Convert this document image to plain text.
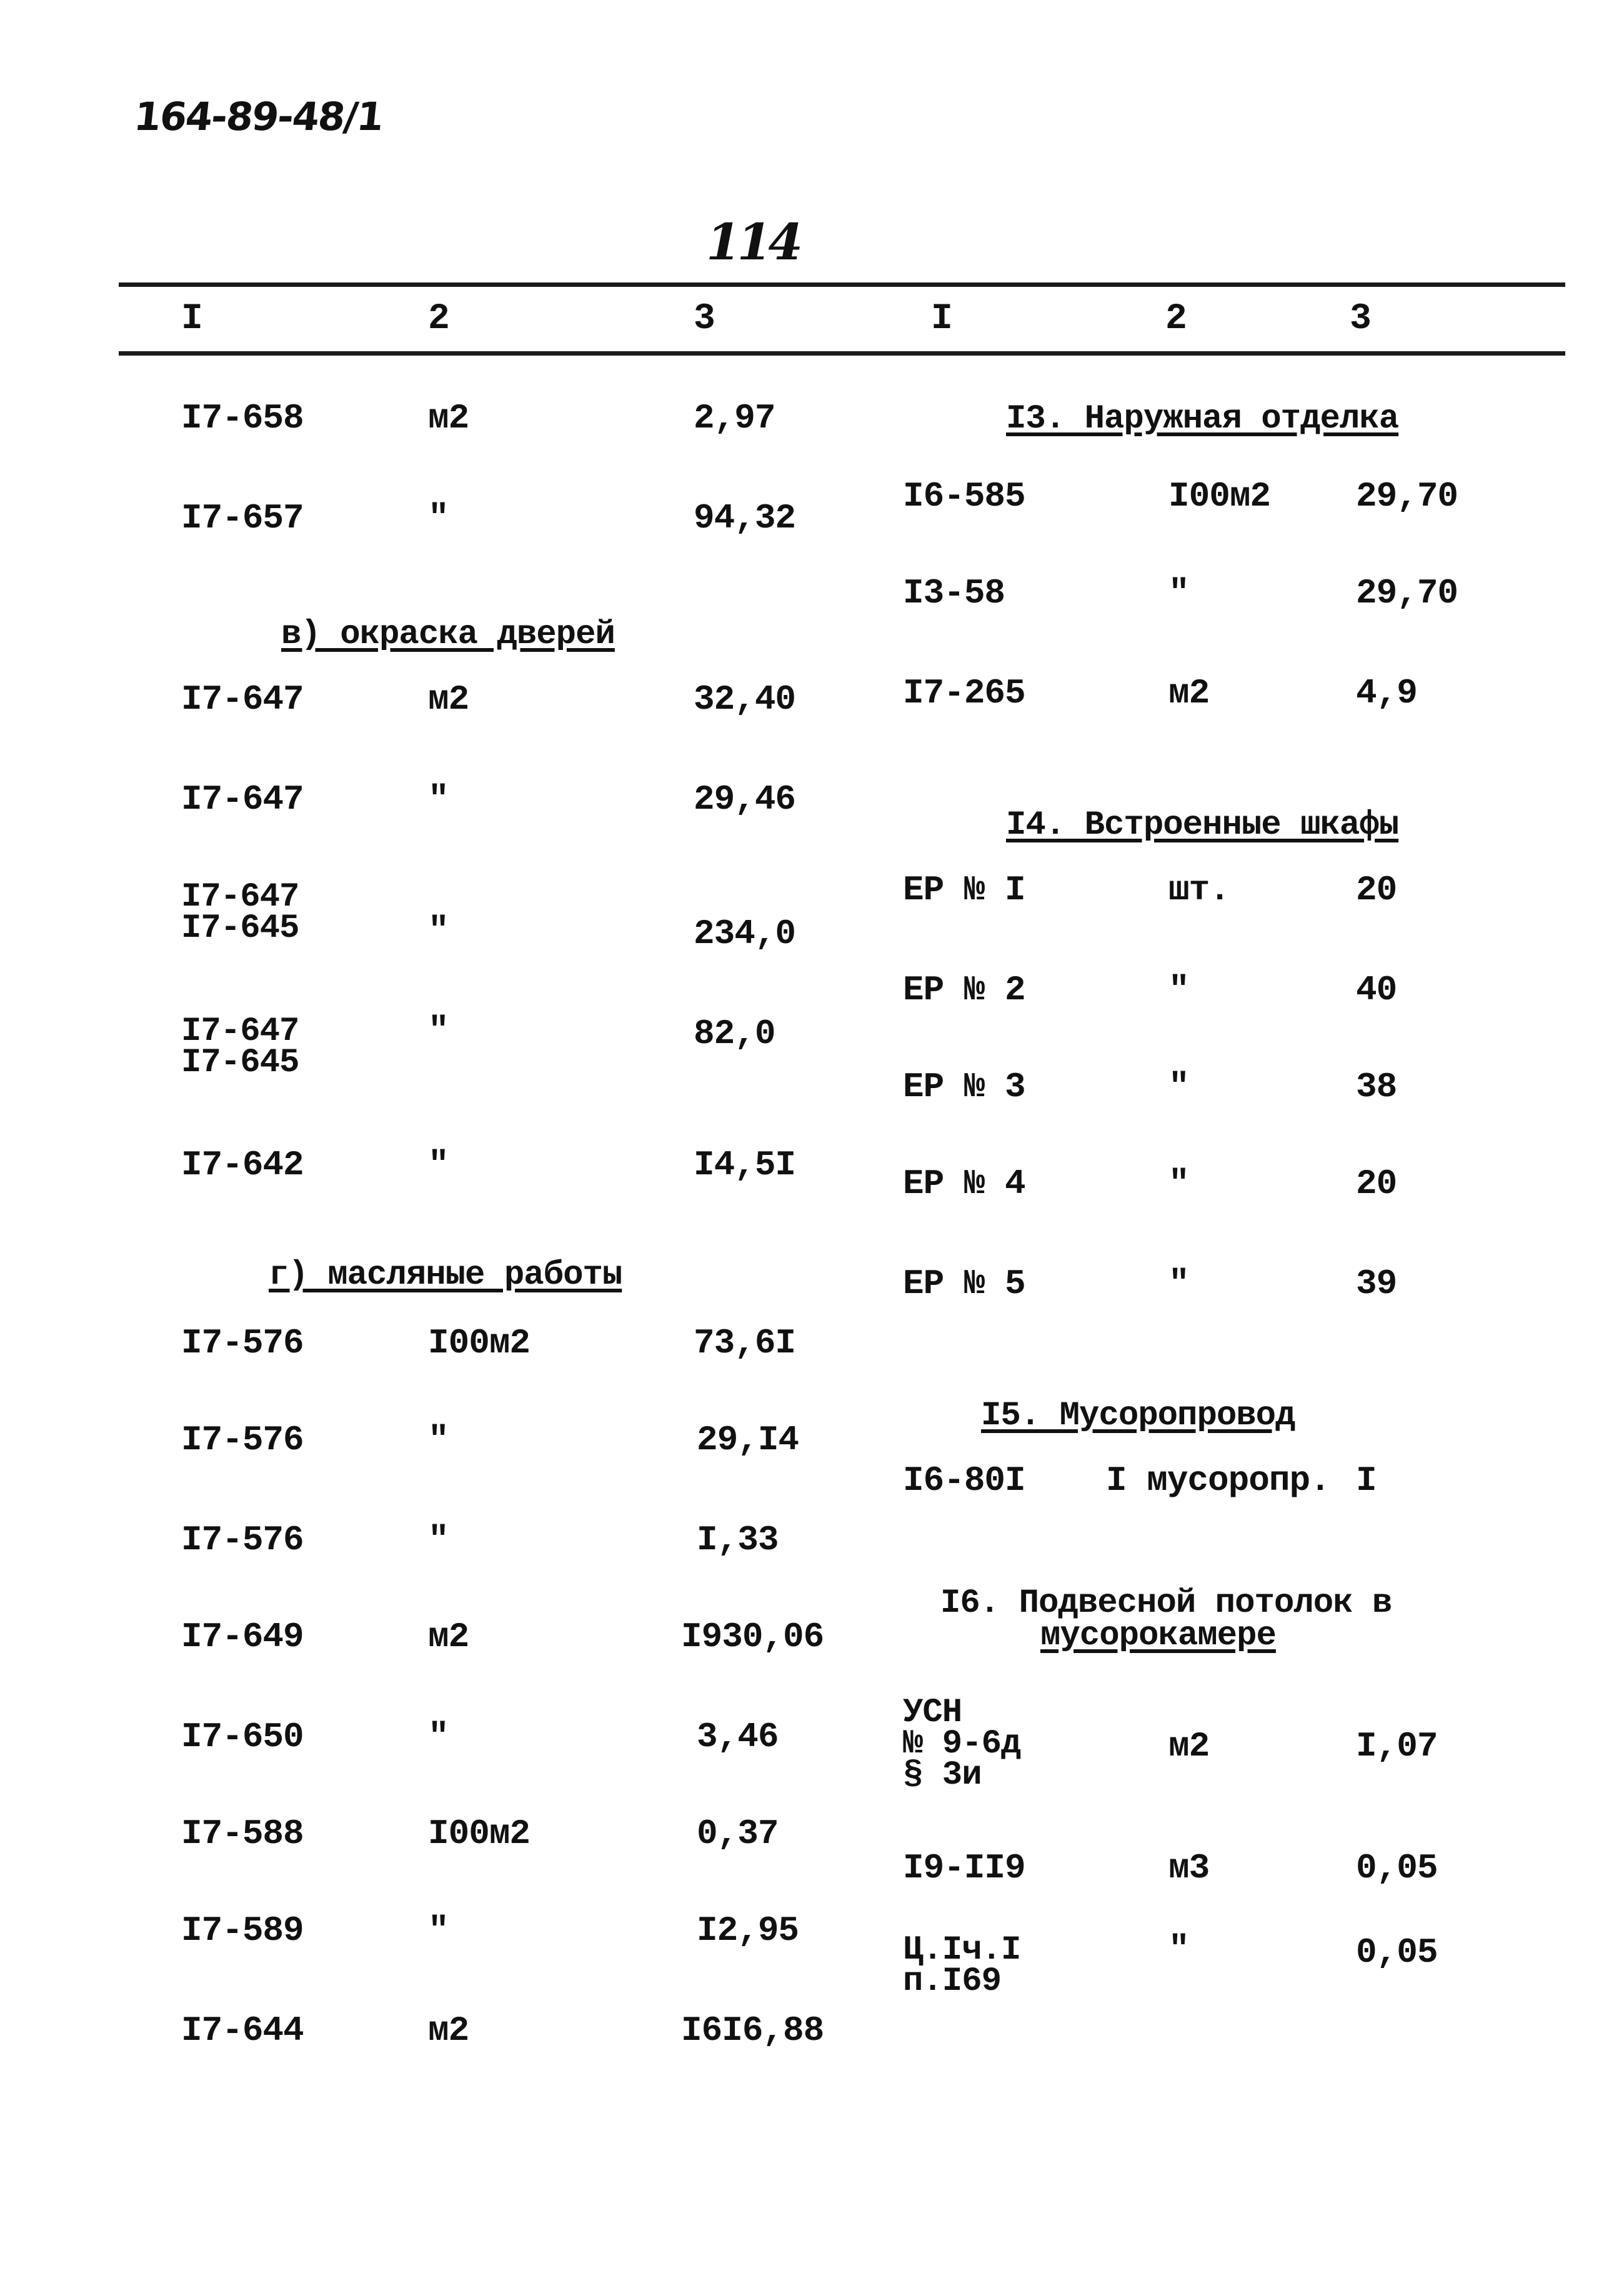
164-89-48/1
114
I	2	3	I	2	3
I7-658	м2	2,97
I7-657	"	94,32
в) окраска дверей
I7-647	м2	32,40
I7-647	"	29,46
I7-647
I7-645	"	234,0
I7-647
I7-645
"	82,0
I7-642	"	I4,5I
г) масляные работы
I7-576	I00м2	73,6I
I7-576	"	29,I4
I7-576	"	I,33
I7-649	м2	I930,06
I7-650	"	3,46
I7-588	I00м2	0,37
I7-589	"	I2,95
I7-644	м2	I6I6,88
I3. Наружная отделка
I6-585	I00м2 29,70
I3-58	"	29,70
I7-265	м2	4,9
I4. Встроенные шкафы
ЕР № I	шт.	20
ЕР № 2	"	40
ЕР № 3	"	38
ЕР № 4	"	20
ЕР № 5	"	39
I5. Мусоропровод
I6-80I I мусоропр. I
I6. Подвесной потолок в
мусорокамере
УСН
№ 9-6д
§ 3и
м2	I,07
I9-II9	м3	0,05
Ц.Iч.I
п.I69
"	0,05
